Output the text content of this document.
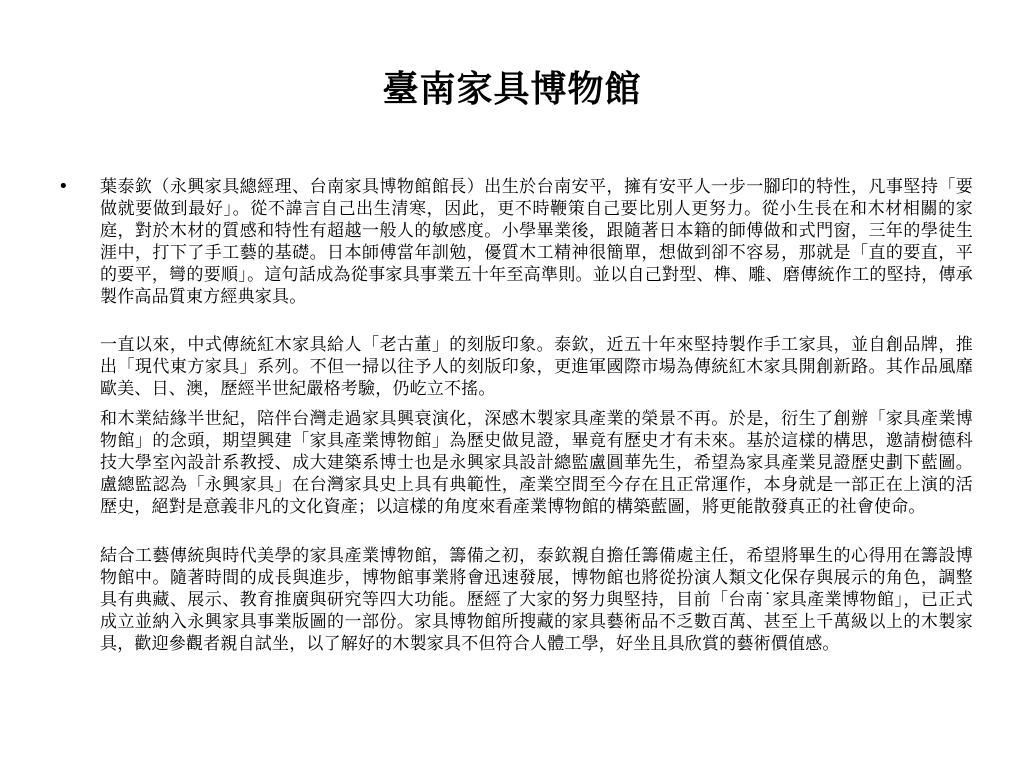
臺南家具博物館
•	葉泰欽（永興家具總經理、台南家具博物館館長）出生於台南安平，擁有安平人一步一腳印的特性，凡事堅持「要做就要做到最好」。從不諱言自己出生清寒，因此，更不時鞭策自己要比別人更努力。從小生長在和木材相關的家庭，對於木材的質感和特性有超越一般人的敏感度。小學畢業後，跟隨著日本籍的師傅做和式門窗，三年的學徒生涯中，打下了手工藝的基礎。日本師傅當年訓勉，優質木工精神很簡單，想做到卻不容易，那就是「直的要直，平的要平，彎的要順」。這句話成為從事家具事業五十年至高準則。並以自己對型、榫、雕、磨傳統作工的堅持，傳承製作高品質東方經典家具。

一直以來，中式傳統紅木家具給人「老古董」的刻版印象。泰欽，近五十年來堅持製作手工家具，並自創品牌，推出「現代東方家具」系列。不但一掃以往予人的刻版印象，更進軍國際市場為傳統紅木家具開創新路。其作品風靡歐美、日、澳，歷經半世紀嚴格考驗，仍屹立不搖。

和木業結緣半世紀，陪伴台灣走過家具興衰演化，深感木製家具產業的榮景不再。於是，衍生了創辦「家具產業博物館」的念頭，期望興建「家具產業博物館」為歷史做見證，畢竟有歷史才有未來。基於這樣的構思，邀請樹德科技大學室內設計系教授、成大建築系博士也是永興家具設計總監盧圓華先生，希望為家具產業見證歷史劃下藍圖。盧總監認為「永興家具」在台灣家具史上具有典範性，產業空間至今存在且正常運作，本身就是一部正在上演的活歷史，絕對是意義非凡的文化資產；以這樣的角度來看產業博物館的構築藍圖，將更能散發真正的社會使命。

結合工藝傳統與時代美學的家具產業博物館，籌備之初，泰欽親自擔任籌備處主任，希望將畢生的心得用在籌設博物館中。隨著時間的成長與進步，博物館事業將會迅速發展，博物館也將從扮演人類文化保存與展示的角色，調整具有典藏、展示、教育推廣與研究等四大功能。歷經了大家的努力與堅持，目前「台南˙家具產業博物館」，已正式成立並納入永興家具事業版圖的一部份。家具博物館所搜藏的家具藝術品不乏數百萬、甚至上千萬級以上的木製家具，歡迎參觀者親自試坐，以了解好的木製家具不但符合人體工學，好坐且具欣賞的藝術價值感。
